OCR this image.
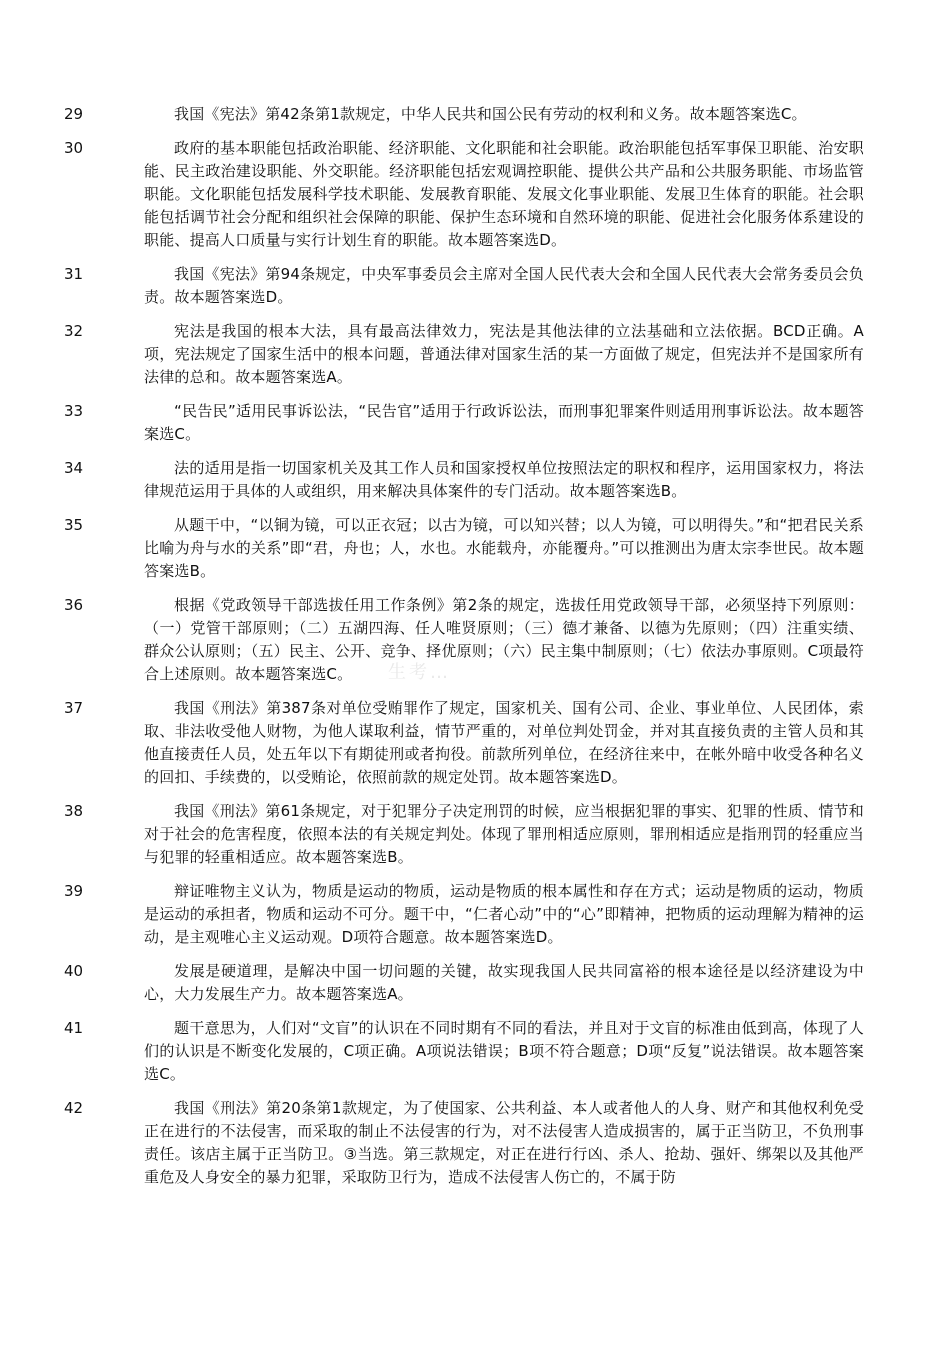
生考…
29	我国《宪法》第42条第1款规定，中华人民共和国公民有劳动的权利和义务。故本题答案选C。
30	政府的基本职能包括政治职能、经济职能、文化职能和社会职能。政治职能包括军事保卫职能、治安职能、民主政治建设职能、外交职能。经济职能包括宏观调控职能、提供公共产品和公共服务职能、市场监管职能。文化职能包括发展科学技术职能、发展教育职能、发展文化事业职能、发展卫生体育的职能。社会职能包括调节社会分配和组织社会保障的职能、保护生态环境和自然环境的职能、促进社会化服务体系建设的职能、提高人口质量与实行计划生育的职能。故本题答案选D。
31	我国《宪法》第94条规定，中央军事委员会主席对全国人民代表大会和全国人民代表大会常务委员会负责。故本题答案选D。
32	宪法是我国的根本大法，具有最高法律效力，宪法是其他法律的立法基础和立法依据。BCD正确。A项，宪法规定了国家生活中的根本问题，普通法律对国家生活的某一方面做了规定，但宪法并不是国家所有法律的总和。故本题答案选A。
33	“民告民”适用民事诉讼法，“民告官”适用于行政诉讼法，而刑事犯罪案件则适用刑事诉讼法。故本题答案选C。
34	法的适用是指一切国家机关及其工作人员和国家授权单位按照法定的职权和程序，运用国家权力，将法律规范运用于具体的人或组织，用来解决具体案件的专门活动。故本题答案选B。
35	从题干中，“以铜为镜，可以正衣冠；以古为镜，可以知兴替；以人为镜，可以明得失。”和“把君民关系比喻为舟与水的关系”即“君，舟也；人，水也。水能载舟，亦能覆舟。”可以推测出为唐太宗李世民。故本题答案选B。
36	根据《党政领导干部选拔任用工作条例》第2条的规定，选拔任用党政领导干部，必须坚持下列原则：（一）党管干部原则；（二）五湖四海、任人唯贤原则；（三）德才兼备、以德为先原则；（四）注重实绩、群众公认原则；（五）民主、公开、竞争、择优原则；（六）民主集中制原则；（七）依法办事原则。C项最符合上述原则。故本题答案选C。
37	我国《刑法》第387条对单位受贿罪作了规定，国家机关、国有公司、企业、事业单位、人民团体，索取、非法收受他人财物，为他人谋取利益，情节严重的，对单位判处罚金，并对其直接负责的主管人员和其他直接责任人员，处五年以下有期徒刑或者拘役。前款所列单位，在经济往来中，在帐外暗中收受各种名义的回扣、手续费的，以受贿论，依照前款的规定处罚。故本题答案选D。
38	我国《刑法》第61条规定，对于犯罪分子决定刑罚的时候，应当根据犯罪的事实、犯罪的性质、情节和对于社会的危害程度，依照本法的有关规定判处。体现了罪刑相适应原则，罪刑相适应是指刑罚的轻重应当与犯罪的轻重相适应。故本题答案选B。
39	辩证唯物主义认为，物质是运动的物质，运动是物质的根本属性和存在方式；运动是物质的运动，物质是运动的承担者，物质和运动不可分。题干中，“仁者心动”中的“心”即精神，把物质的运动理解为精神的运动，是主观唯心主义运动观。D项符合题意。故本题答案选D。
40	发展是硬道理，是解决中国一切问题的关键，故实现我国人民共同富裕的根本途径是以经济建设为中心，大力发展生产力。故本题答案选A。
41	题干意思为，人们对“文盲”的认识在不同时期有不同的看法，并且对于文盲的标准由低到高，体现了人们的认识是不断变化发展的，C项正确。A项说法错误；B项不符合题意；D项“反复”说法错误。故本题答案选C。
42	我国《刑法》第20条第1款规定，为了使国家、公共利益、本人或者他人的人身、财产和其他权利免受正在进行的不法侵害，而采取的制止不法侵害的行为，对不法侵害人造成损害的，属于正当防卫，不负刑事责任。该店主属于正当防卫。③当选。第三款规定，对正在进行行凶、杀人、抢劫、强奸、绑架以及其他严重危及人身安全的暴力犯罪，采取防卫行为，造成不法侵害人伤亡的，不属于防
